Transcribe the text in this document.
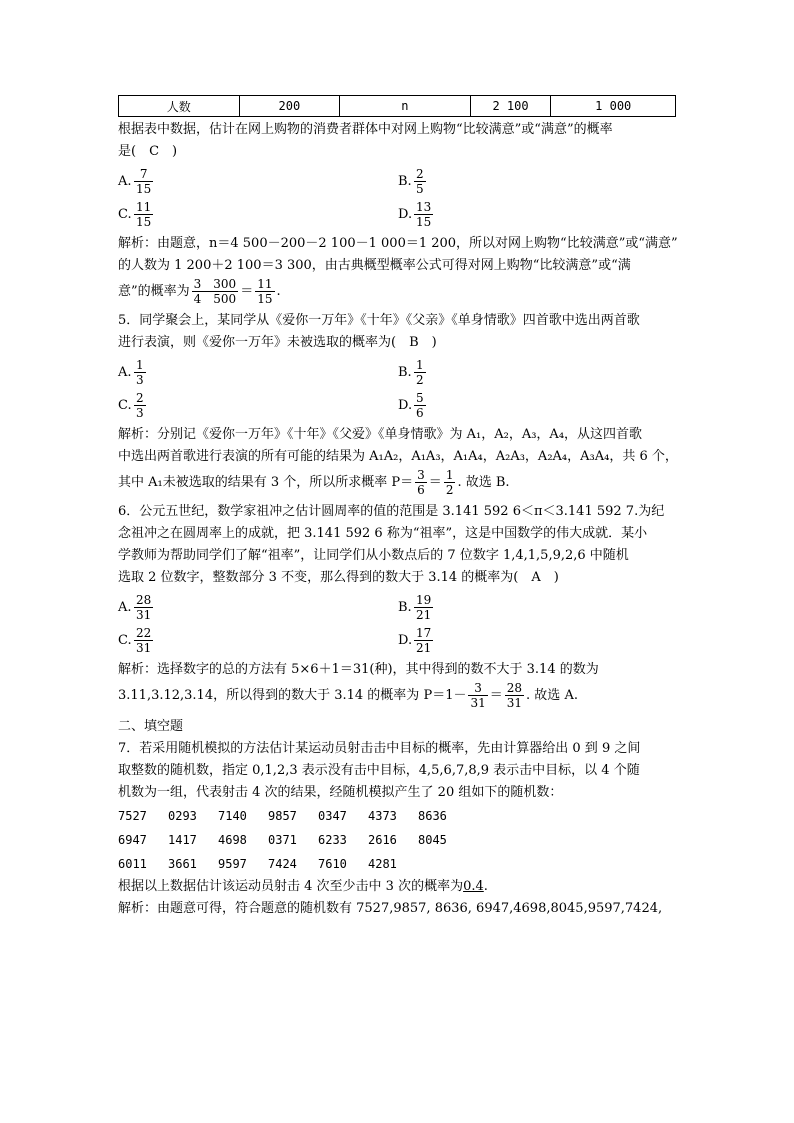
人数	200	n	2 100	1 000
根据表中数据，估计在网上购物的消费者群体中对网上购物“比较满意”或“满意”的概率
是(　C　)
A. $\frac{7}{15}$	B. $\frac{2}{5}$
C. $\frac{11}{15}$	D. $\frac{13}{15}$
解析：由题意，n＝4 500－200－2 100－1 000＝1 200，所以对网上购物“比较满意”或“满意”
的人数为 1 200＋2 100＝3 300，由古典概型概率公式可得对网上购物“比较满意”或“满
意”的概率为 $\frac{3 300}{4 500} = \frac{11}{15}$ .
5．同学聚会上，某同学从《爱你一万年》《十年》《父亲》《单身情歌》四首歌中选出两首歌
进行表演，则《爱你一万年》未被选取的概率为(　B　)
A. $\frac{1}{3}$	B. $\frac{1}{2}$
C. $\frac{2}{3}$	D. $\frac{5}{6}$
解析：分别记《爱你一万年》《十年》《父爱》《单身情歌》为 A₁，A₂，A₃，A₄，从这四首歌
中选出两首歌进行表演的所有可能的结果为 A₁A₂，A₁A₃，A₁A₄，A₂A₃，A₂A₄，A₃A₄，共 6 个，
其中 A₁未被选取的结果有 3 个，所以所求概率 $P= \frac{3}{6} = \frac{1}{2}$ . 故选 B.
6．公元五世纪，数学家祖冲之估计圆周率的值的范围是 3.141 592 6＜π＜3.141 592 7.为纪
念祖冲之在圆周率上的成就，把 3.141 592 6 称为“祖率”，这是中国数学的伟大成就．某小
学教师为帮助同学们了解“祖率”，让同学们从小数点后的 7 位数字 1,4,1,5,9,2,6 中随机
选取 2 位数字，整数部分 3 不变，那么得到的数大于 3.14 的概率为(　A　)
A. $\frac{28}{31}$	B. $\frac{19}{21}$
C. $\frac{22}{31}$	D. $\frac{17}{21}$
解析：选择数字的总的方法有 5×6＋1＝31(种)，其中得到的数不大于 3.14 的数为
3.11,3.12,3.14，所以得到的数大于 3.14 的概率为 $P=1- \frac{3}{31} = \frac{28}{31}$ . 故选 A.
二、填空题
7．若采用随机模拟的方法估计某运动员射击击中目标的概率，先由计算器给出 0 到 9 之间
取整数的随机数，指定 0,1,2,3 表示没有击中目标，4,5,6,7,8,9 表示击中目标，以 4 个随
机数为一组，代表射击 4 次的结果，经随机模拟产生了 20 组如下的随机数：
7527	0293	7140	9857	0347	4373	8636
6947	1417	4698	0371	6233	2616	8045
6011	3661	9597	7424	7610	4281
根据以上数据估计该运动员射击 4 次至少击中 3 次的概率为0.4.
解析：由题意可得，符合题意的随机数有 7527,9857, 8636, 6947,4698,8045,9597,7424,
